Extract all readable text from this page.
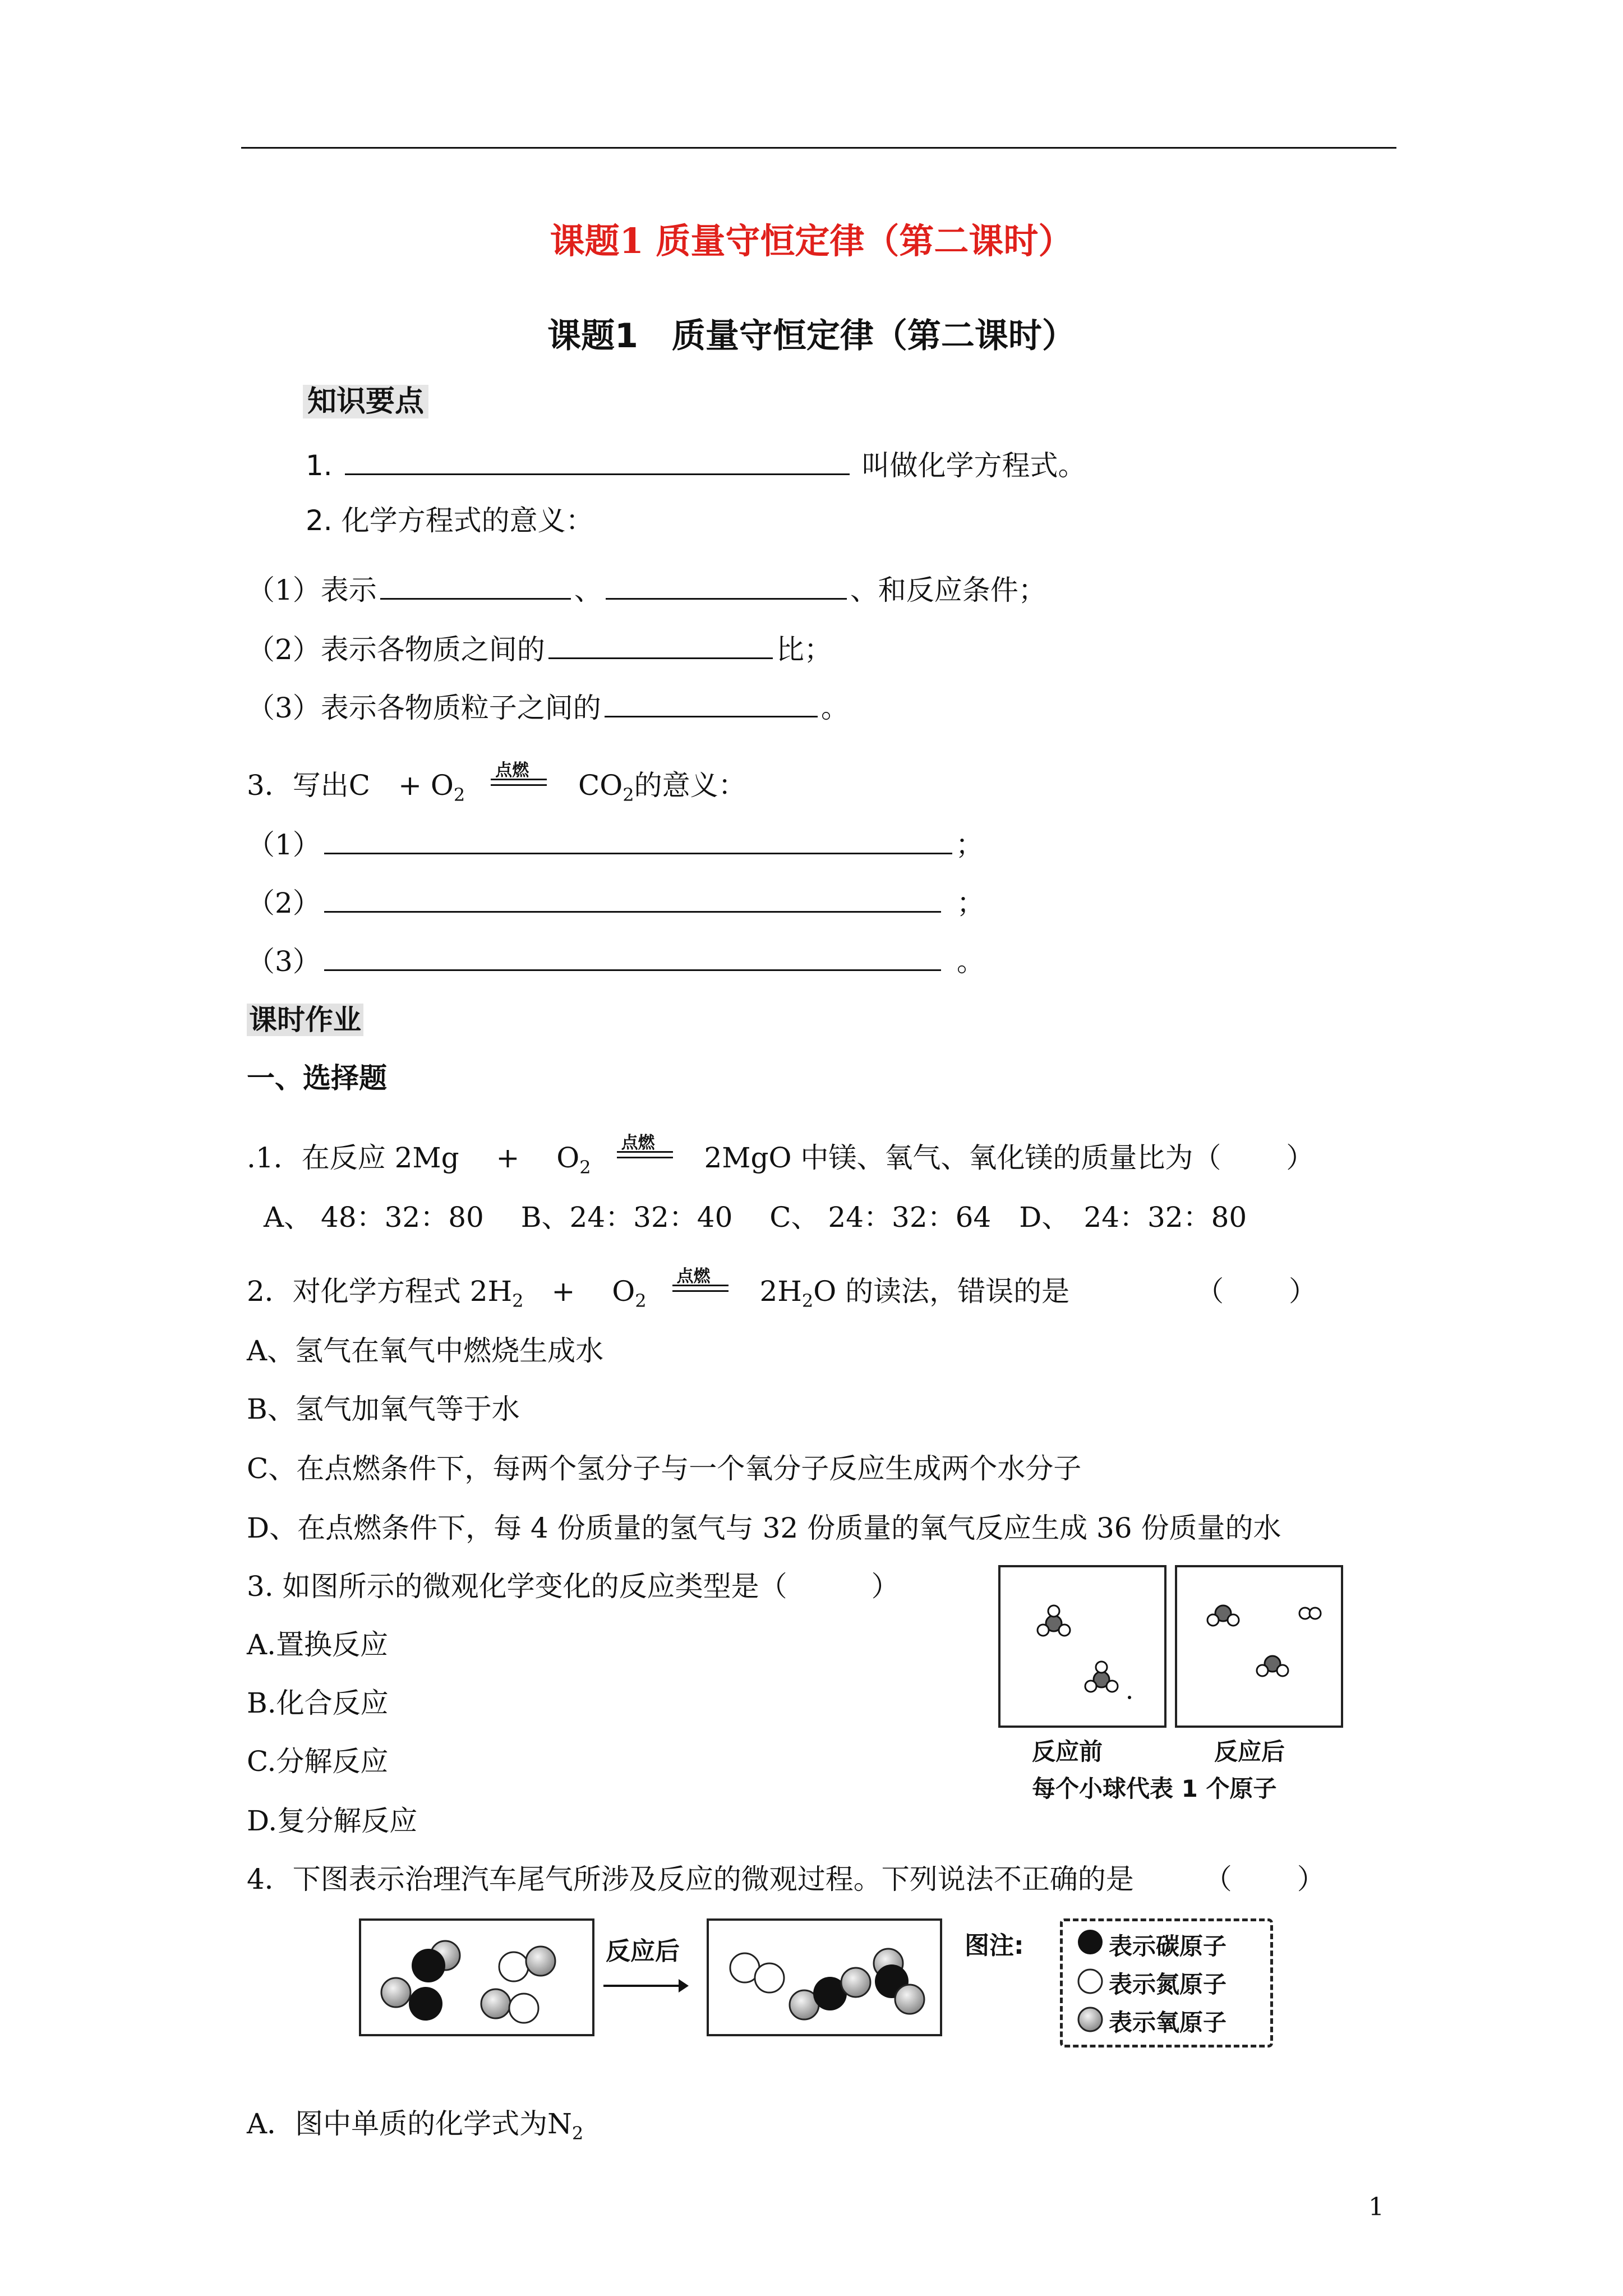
课题1 质量守恒定律（第二课时）
课题1　质量守恒定律（第二课时）
知识要点
1.	叫做化学方程式。
2. 化学方程式的意义：
（1）表示	、	、和反应条件；
（2）表示各物质之间的	比；
（3）表示各物质粒子之间的	。
3．写出C　+ $O_2$
点燃 $CO_2$的意义：
（1）	；
（2）	；
（3）	。
课时作业
一、选择题
.1．在反应 2Mg　 +　 $O_2$
点燃 2MgO 中镁、氧气、氧化镁的质量比为（　　 ）
A、 48：32：80　 B、24：32：40　 C、 24：32：64　D、　24：32：80
2．对化学方程式 $2H_2$　+　 $O_2$
点燃 $2H_2O$ 的读法，错误的是　　　　　（　　 ）
A、氢气在氧气中燃烧生成水
B、氢气加氧气等于水
C、在点燃条件下，每两个氢分子与一个氧分子反应生成两个水分子
D、在点燃条件下，每 4 份质量的氢气与 32 份质量的氧气反应生成 36 份质量的水
3. 如图所示的微观化学变化的反应类型是（　　　）
A.置换反应
B.化合反应
C.分解反应
D.复分解反应
反应前	反应后
每个小球代表 1 个原子
4．下图表示治理汽车尾气所涉及反应的微观过程。下列说法不正确的是　　　（　　 ）
反应后	图注:	表示碳原子
表示氮原子
表示氧原子
A．图中单质的化学式为$N_2$
1
